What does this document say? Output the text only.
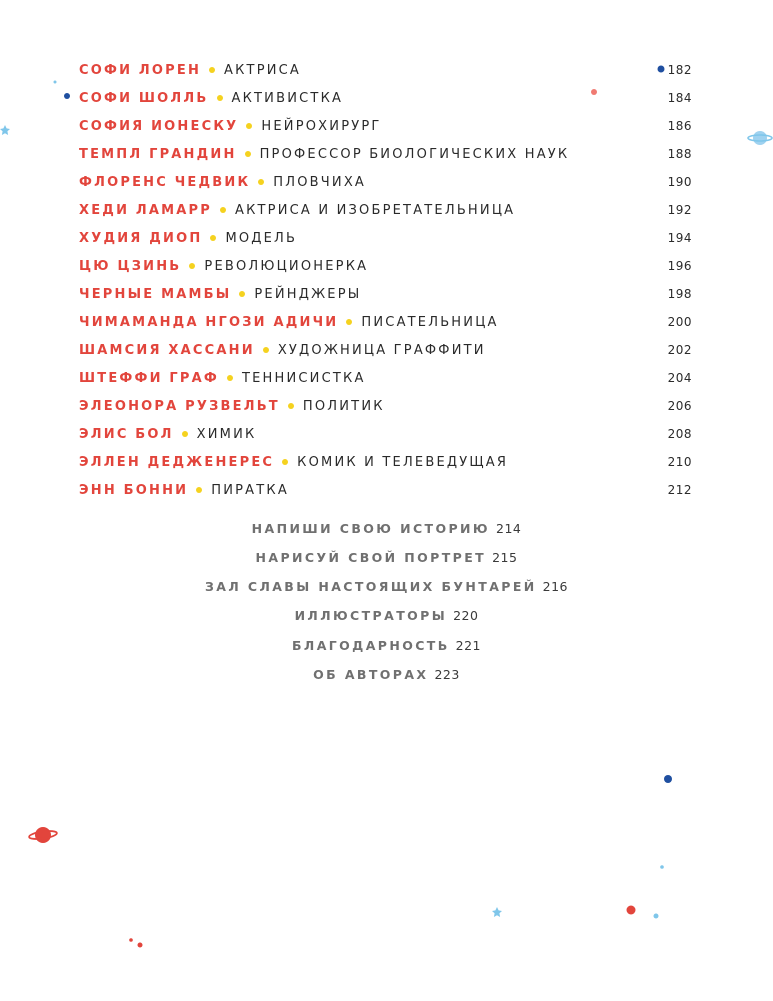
СОФИ ЛОРЕН АКТРИСА	182
СОФИ ШОЛЛЬ АКТИВИСТКА	184
СОФИЯ ИОНЕСКУ НЕЙРОХИРУРГ	186
ТЕМПЛ ГРАНДИН ПРОФЕССОР БИОЛОГИЧЕСКИХ НАУК	188
ФЛОРЕНС ЧЕДВИК ПЛОВЧИХА	190
ХЕДИ ЛАМАРР АКТРИСА И ИЗОБРЕТАТЕЛЬНИЦА	192
ХУДИЯ ДИОП МОДЕЛЬ	194
ЦЮ ЦЗИНЬ РЕВОЛЮЦИОНЕРКА	196
ЧЕРНЫЕ МАМБЫ РЕЙНДЖЕРЫ	198
ЧИМАМАНДА НГОЗИ АДИЧИ ПИСАТЕЛЬНИЦА	200
ШАМСИЯ ХАССАНИ ХУДОЖНИЦА ГРАФФИТИ	202
ШТЕФФИ ГРАФ ТЕННИСИСТКА	204
ЭЛЕОНОРА РУЗВЕЛЬТ ПОЛИТИК	206
ЭЛИС БОЛ ХИМИК	208
ЭЛЛЕН ДЕДЖЕНЕРЕС КОМИК И ТЕЛЕВЕДУЩАЯ	210
ЭНН БОННИ ПИРАТКА	212
НАПИШИ СВОЮ ИСТОРИЮ 214
НАРИСУЙ СВОЙ ПОРТРЕТ 215
ЗАЛ СЛАВЫ НАСТОЯЩИХ БУНТАРЕЙ 216
ИЛЛЮСТРАТОРЫ 220
БЛАГОДАРНОСТЬ 221
ОБ АВТОРАХ 223
